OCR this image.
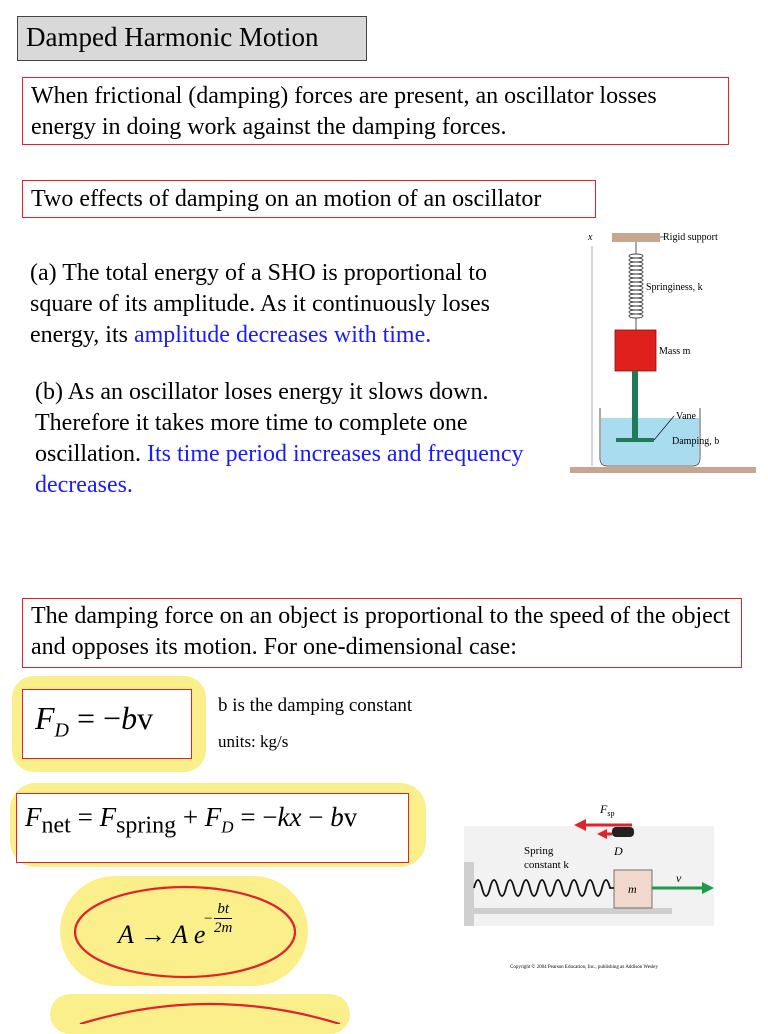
Damped Harmonic Motion
When frictional (damping) forces are present, an oscillator losses energy in doing work against the damping forces.
Two effects of damping on an motion of an oscillator
(a) The total energy of a SHO is proportional to square of its amplitude. As it continuously loses energy, its amplitude decreases with time.
(b) As an oscillator loses energy it slows down. Therefore it takes more time to complete one oscillation. Its time period increases and frequency decreases.
x	Rigid support
Springiness, k
Mass m
Vane
Damping, b
The damping force on an object is proportional to the speed of the object and opposes its motion. For one-dimensional case:
$F_D = -bv$	b is the damping constant
units: kg/s
$F_{net} = F_{spring} + F_D = -kx$ − bv
A → A e
−
bt
2m
$F_{sp}$
D
Spring
constant k
m
v
Copyright © 2004 Pearson Education, Inc., publishing as Addison Wesley
